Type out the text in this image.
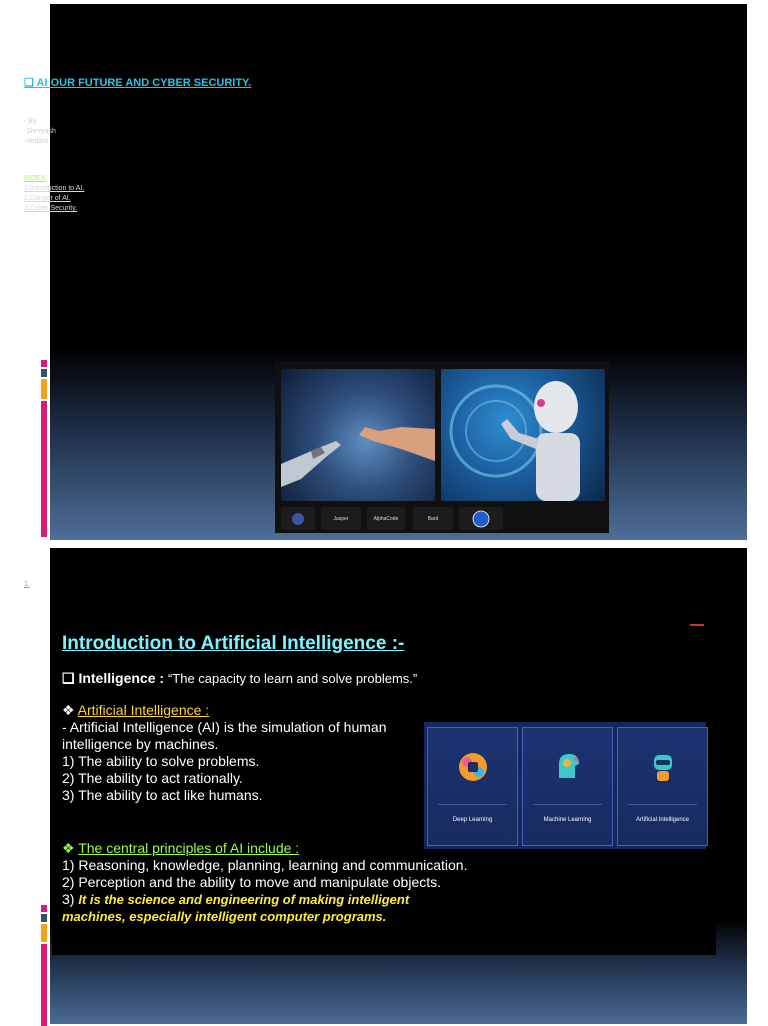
❑ AI OUR FUTURE AND CYBER SECURITY.
- By
-Shreyash
-Vedant
INDEX
1.Introduction to AI.
2.Danger of AI.
3.Cyber Security.
Jasper	AlphaCode	Bard
1.
Introduction to Artificial Intelligence :-
❑ Intelligence : “The capacity to learn and solve problems.”
❖ Artificial Intelligence :
- Artificial Intelligence (AI) is the simulation of human
intelligence by machines.
1) The ability to solve problems.
2) The ability to act rationally.
3) The ability to act like humans.
❖ The central principles of AI include :
1) Reasoning, knowledge, planning, learning and communication.
2) Perception and the ability to move and manipulate objects.
3) It is the science and engineering of making intelligent
machines, especially intelligent computer programs.
Deep Learning	Machine Learning	Artificial Intelligence
